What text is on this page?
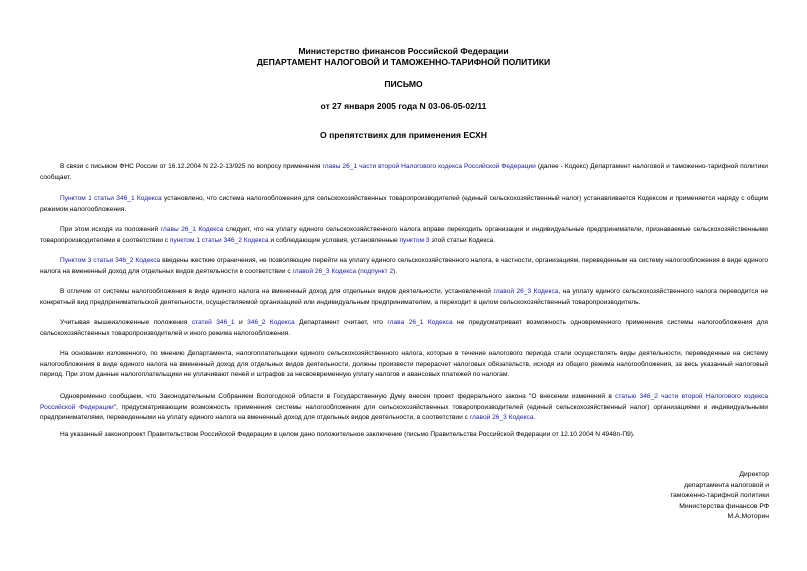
Министерство финансов Российской Федерации
ДЕПАРТАМЕНТ НАЛОГОВОЙ И ТАМОЖЕННО-ТАРИФНОЙ ПОЛИТИКИ
ПИСЬМО
от 27 января 2005 года N 03-06-05-02/11
О препятствиях для применения ЕСХН
В связи с письмом ФНС России от 16.12.2004 N 22-2-13/925 по вопросу применения главы 26_1 части второй Налогового кодекса Российской Федерации (далее - Кодекс) Департамент налоговой и таможенно-тарифной политики сообщает.
Пунктом 1 статьи 346_1 Кодекса установлено, что система налогообложения для сельскохозяйственных товаропроизводителей (единый сельскохозяйственный налог) устанавливается Кодексом и применяется наряду с общим режимом налогообложения.
При этом исходя из положений главы 26_1 Кодекса следует, что на уплату единого сельскохозяйственного налога вправе переходить организации и индивидуальные предприниматели, признаваемые сельскохозяйственными товаропроизводителями в соответствии с пунктом 1 статьи 346_2 Кодекса и соблюдающие условия, установленные пунктом 3 этой статьи Кодекса.
Пунктом 3 статьи 346_2 Кодекса введены жесткие ограничения, не позволяющие перейти на уплату единого сельскохозяйственного налога, в частности, организациям, переведенным на систему налогообложения в виде единого налога на вмененный доход для отдельных видов деятельности в соответствии с главой 26_3 Кодекса (подпункт 2).
В отличие от системы налогообложения в виде единого налога на вмененный доход для отдельных видов деятельности, установленной главой 26_3 Кодекса, на уплату единого сельскохозяйственного налога переводится не конкретный вид предпринимательской деятельности, осуществляемой организацией или индивидуальным предпринимателем, а переходит в целом сельскохозяйственный товаропроизводитель.
Учитывая вышеизложенные положения статей 346_1 и 346_2 Кодекса Департамент считает, что глава 26_1 Кодекса не предусматривает возможность одновременного применения системы налогообложения для сельскохозяйственных товаропроизводителей и иного режима налогообложения.
На основании изложенного, по мнению Департамента, налогоплательщики единого сельскохозяйственного налога, которые в течение налогового периода стали осуществлять виды деятельности, переведенные на систему налогообложения в виде единого налога на вмененный доход для отдельных видов деятельности, должны произвести перерасчет налоговых обязательств, исходя из общего режима налогообложения, за весь указанный налоговый период. При этом данные налогоплательщики не уплачивают пеней и штрафов за несвоевременную уплату налогов и авансовых платежей по налогам.
Одновременно сообщаем, что Законодательным Собранием Вологодской области в Государственную Думу внесен проект федерального закона "О внесении изменений в статью 346_2 части второй Налогового кодекса Российской Федерации", предусматривающим возможность применения системы налогообложения для сельскохозяйственных товаропроизводителей (единый сельскохозяйственный налог) организациями и индивидуальными предпринимателями, переведенными на уплату единого налога на вмененный доход для отдельных видов деятельности, в соответствии с главой 26_3 Кодекса.
На указанный законопроект Правительством Российской Федерации в целом дано положительное заключение (письмо Правительства Российской Федерации от 12.10.2004 N 4948п-П9).
Директор
департамента налоговой и
таможенно-тарифной политики
Министерства финансов РФ
М.А.Моторин
